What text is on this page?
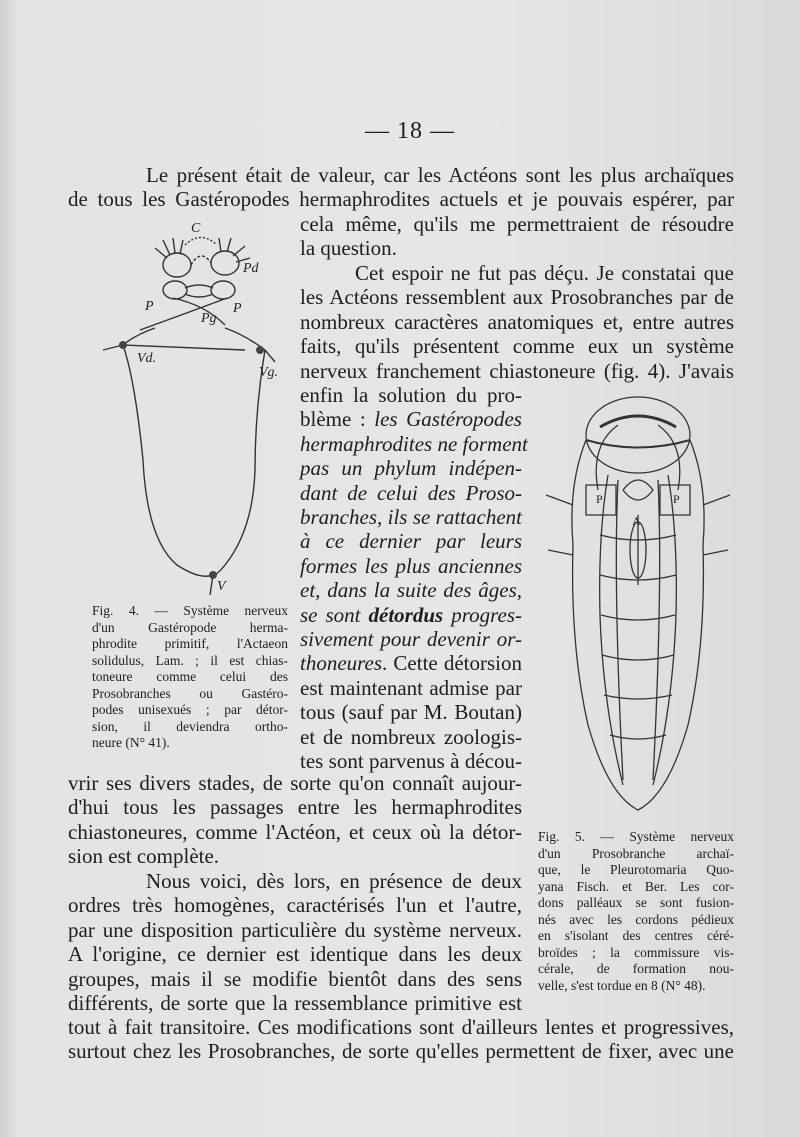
— 18 —
Le présent était de valeur, car les Actéons sont les plus archaïques
de tous les Gastéropodes hermaphrodites actuels et je pouvais espérer, par
cela même, qu'ils me permettraient de résoudre
la question.
Cet espoir ne fut pas déçu. Je constatai que
les Actéons ressemblent aux Prosobranches par de
nombreux caractères anatomiques et, entre autres
faits, qu'ils présentent comme eux un système
nerveux franchement chiastoneure (fig. 4). J'avais
enfin la solution du pro-
blème : les Gastéropodes
hermaphrodites ne forment
pas un phylum indépen-
dant de celui des Proso-
branches, ils se rattachent
à ce dernier par leurs
formes les plus anciennes
et, dans la suite des âges,
se sont détordus progres-
sivement pour devenir or-
thoneures. Cette détorsion
est maintenant admise par
tous (sauf par M. Boutan)
et de nombreux zoologis-
tes sont parvenus à décou-
vrir ses divers stades, de sorte qu'on connaît aujour-
d'hui tous les passages entre les hermaphrodites
chiastoneures, comme l'Actéon, et ceux où la détor-
sion est complète.
Nous voici, dès lors, en présence de deux
ordres très homogènes, caractérisés l'un et l'autre,
par une disposition particulière du système nerveux.
A l'origine, ce dernier est identique dans les deux
groupes, mais il se modifie bientôt dans des sens
différents, de sorte que la ressemblance primitive est
tout à fait transitoire. Ces modifications sont d'ailleurs lentes et progressives,
surtout chez les Prosobranches, de sorte qu'elles permettent de fixer, avec une
C
Pd
P	P
Pg
Vd.
Vg.
V
Fig. 4. — Système nerveux
d'un Gastéropode herma-
phrodite primitif, l'Actaeon
solidulus, Lam. ; il est chias-
toneure comme celui des
Prosobranches ou Gastéro-
podes unisexués ; par détor-
sion, il deviendra ortho-
neure (N° 41).
P	P
A
Fig. 5. — Système nerveux
d'un Prosobranche archaï-
que, le Pleurotomaria Quo-
yana Fisch. et Ber. Les cor-
dons palléaux se sont fusion-
nés avec les cordons pédieux
en s'isolant des centres céré-
broïdes ; la commissure vis-
cérale, de formation nou-
velle, s'est tordue en 8 (N° 48).
